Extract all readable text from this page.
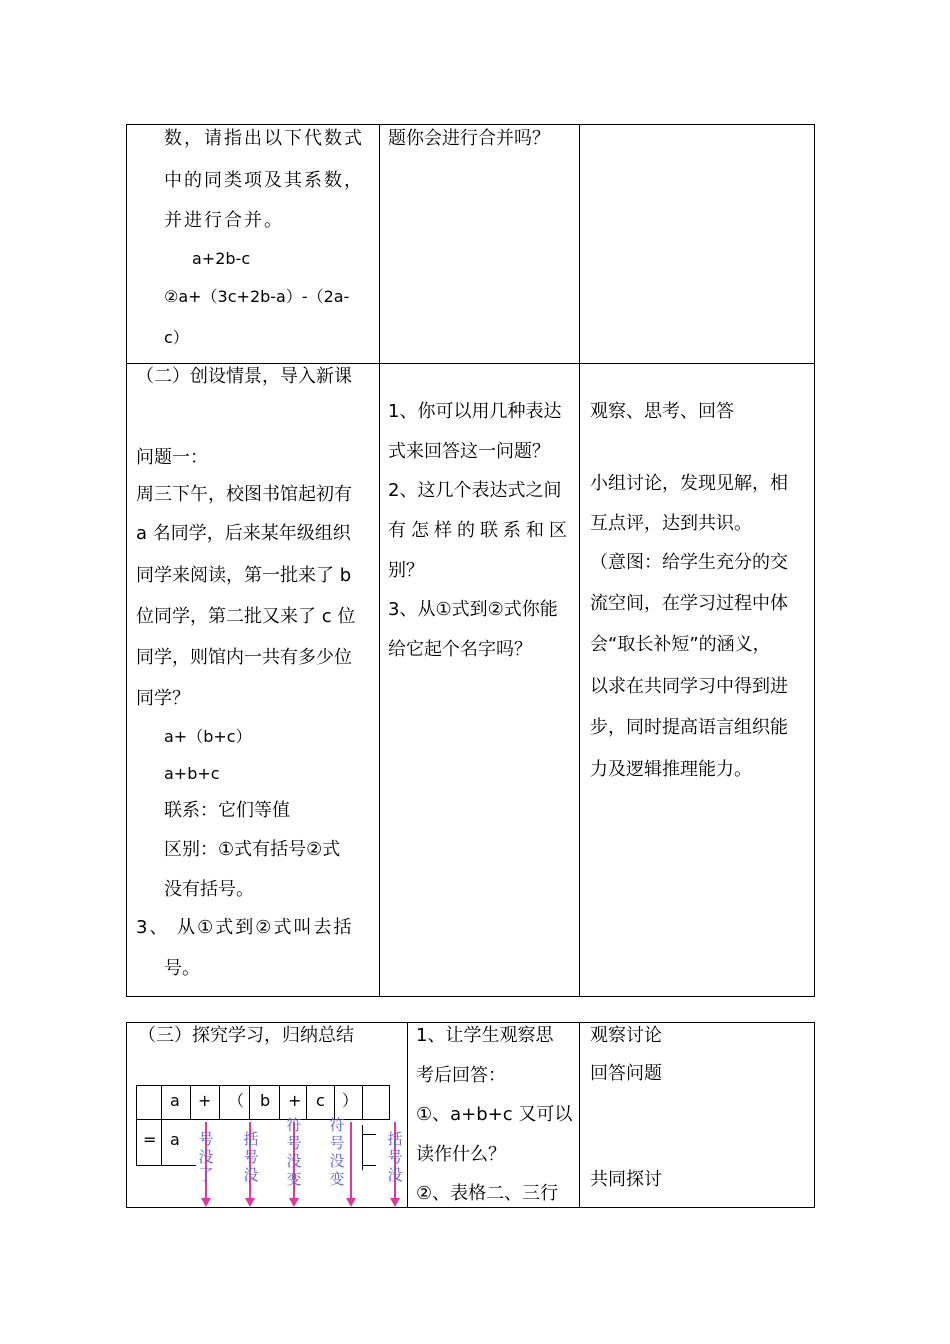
数，请指出以下代数式
中的同类项及其系数，
并进行合并。
a+2b-c
②a+（3c+2b-a）-（2a-
c）
题你会进行合并吗？
（二）创设情景，导入新课
问题一：
周三下午，校图书馆起初有
a 名同学，后来某年级组织
同学来阅读，第一批来了 b
位同学，第二批又来了 c 位
同学，则馆内一共有多少位
同学？
a+（b+c）
a+b+c
联系：它们等值
区别：①式有括号②式
没有括号。
3、 从①式到②式叫去括
号。
1、你可以用几种表达
式来回答这一问题？
2、这几个表达式之间
有怎样的联系和区
别？
3、从①式到②式你能
给它起个名字吗？
观察、思考、回答
小组讨论，发现见解，相
互点评，达到共识。
（意图：给学生充分的交
流空间，在学习过程中体
会“取长补短”的涵义，
以求在共同学习中得到进
步，同时提高语言组织能
力及逻辑推理能力。
（三）探究学习，归纳总结
a + （ b + c ）
= a 号没了
括号没
符号没变
符号没变
括号没
1、让学生观察思
考后回答：
①、a+b+c 又可以
读作什么？
②、表格二、三行
观察讨论
回答问题
共同探讨
